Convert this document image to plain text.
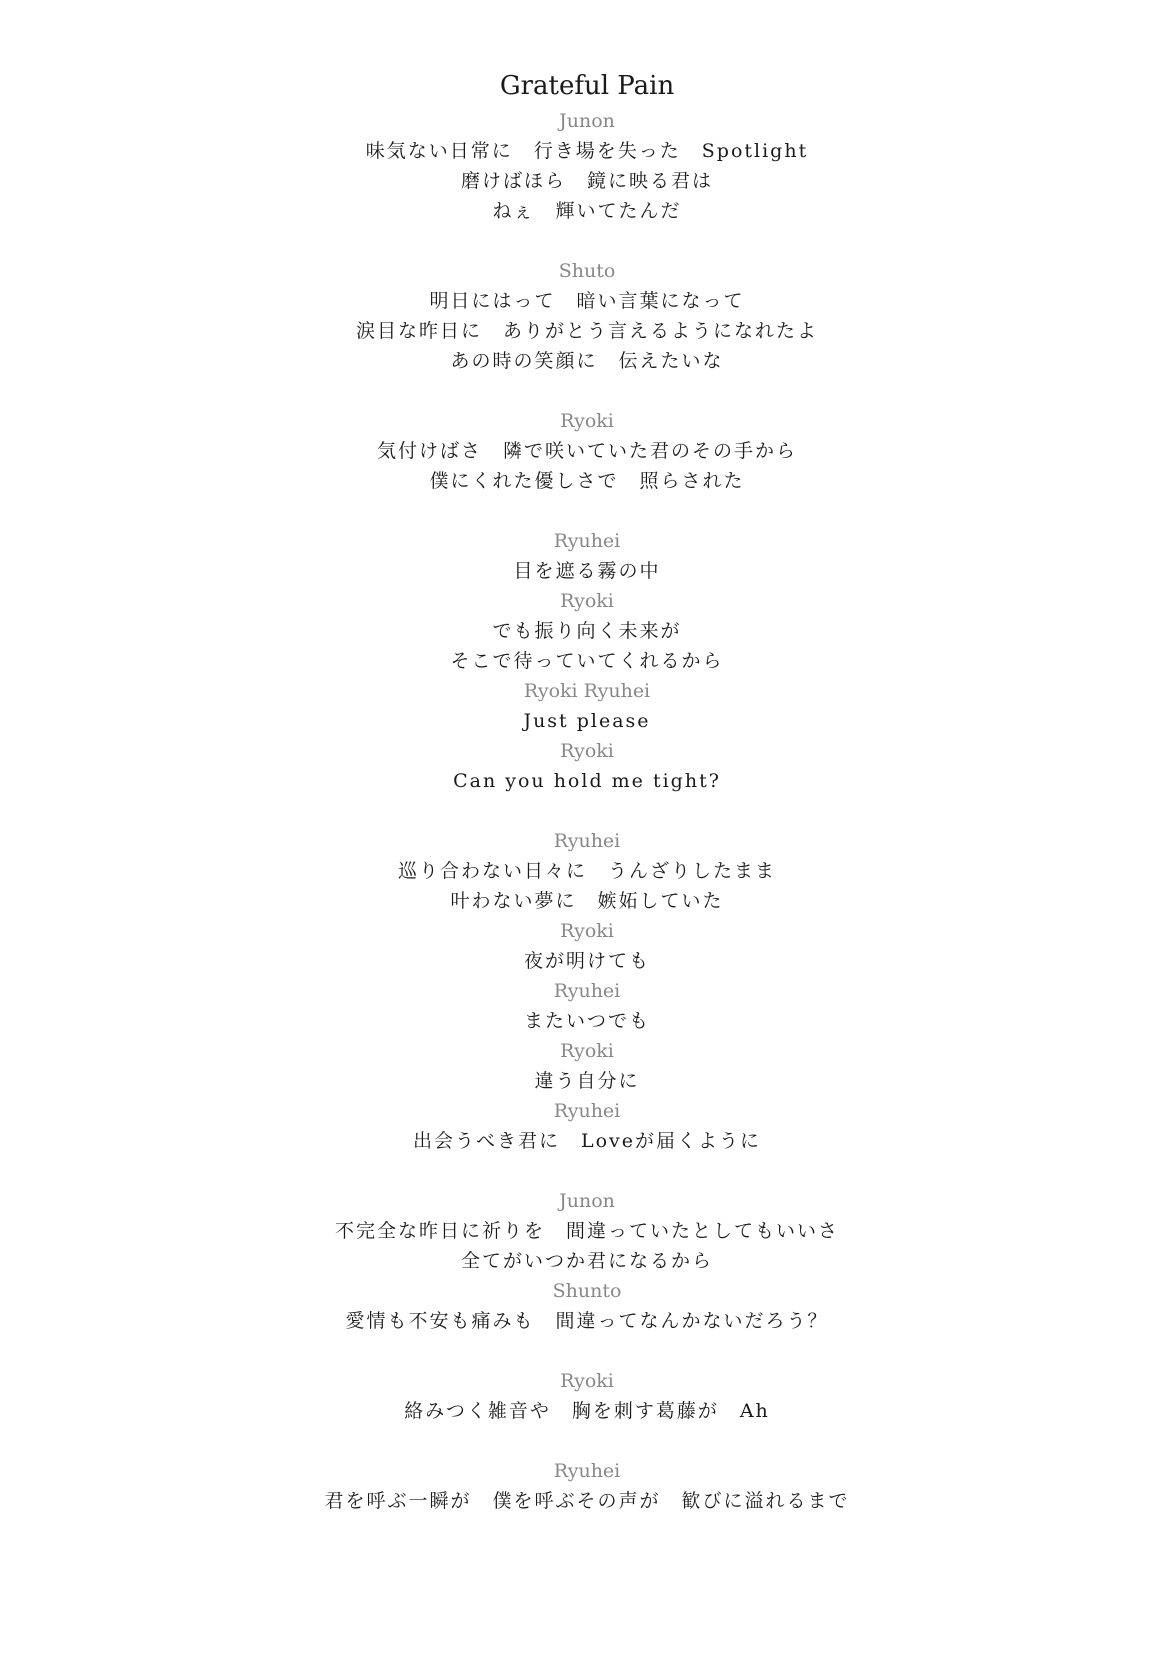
Grateful Pain
Junon
味気ない日常に　行き場を失った　Spotlight
磨けばほら　鏡に映る君は
ねぇ　輝いてたんだ
Shuto
明日にはって　暗い言葉になって
涙目な昨日に　ありがとう言えるようになれたよ
あの時の笑顔に　伝えたいな
Ryoki
気付けばさ　隣で咲いていた君のその手から
僕にくれた優しさで　照らされた
Ryuhei
目を遮る霧の中
Ryoki
でも振り向く未来が
そこで待っていてくれるから
Ryoki Ryuhei
Just please
Ryoki
Can you hold me tight?
Ryuhei
巡り合わない日々に　うんざりしたまま
叶わない夢に　嫉妬していた
Ryoki
夜が明けても
Ryuhei
またいつでも
Ryoki
違う自分に
Ryuhei
出会うべき君に　Loveが届くように
Junon
不完全な昨日に祈りを　間違っていたとしてもいいさ
全てがいつか君になるから
Shunto
愛情も不安も痛みも　間違ってなんかないだろう？
Ryoki
絡みつく雑音や　胸を刺す葛藤が　Ah
Ryuhei
君を呼ぶ一瞬が　僕を呼ぶその声が　歓びに溢れるまで
